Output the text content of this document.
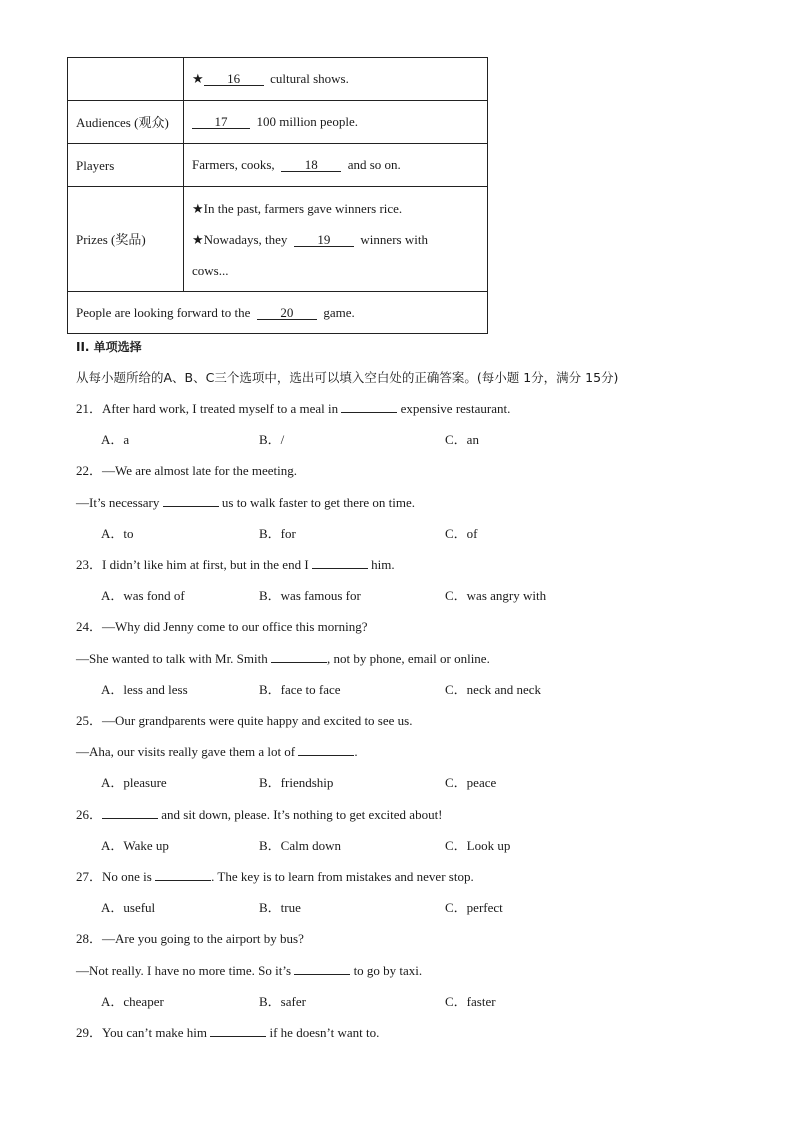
	★ 16 cultural shows.
Audiences (观众)	17 100 million people.
Players	Farmers, cooks, 18 and so on.
Prizes (奖品)	★In the past, farmers gave winners rice.
★Nowadays, they 19 winners with
cows...

People are looking forward to the 20 game.	
II. 单项选择
从每小题所给的A、B、C三个选项中，选出可以填入空白处的正确答案。(每小题 1分，满分 15分)
21．After hard work, I treated myself to a meal in	expensive restaurant.
A．a	B．/	C．an
22．—We are almost late for the meeting.
—It’s necessary	us to walk faster to get there on time.
A．to	B．for	C．of
23．I didn’t like him at first, but in the end I	him.
A．was fond of	B．was famous for	C．was angry with
24．—Why did Jenny come to our office this morning?
—She wanted to talk with Mr. Smith	, not by phone, email or online.
A．less and less	B．face to face	C．neck and neck
25．—Our grandparents were quite happy and excited to see us.
—Aha, our visits really gave them a lot of	.
A．pleasure	B．friendship	C．peace
26．	and sit down, please. It’s nothing to get excited about!
A．Wake up	B．Calm down	C．Look up
27．No one is	. The key is to learn from mistakes and never stop.
A．useful	B．true	C．perfect
28．—Are you going to the airport by bus?
—Not really. I have no more time. So it’s	to go by taxi.
A．cheaper	B．safer	C．faster
29．You can’t make him	if he doesn’t want to.
